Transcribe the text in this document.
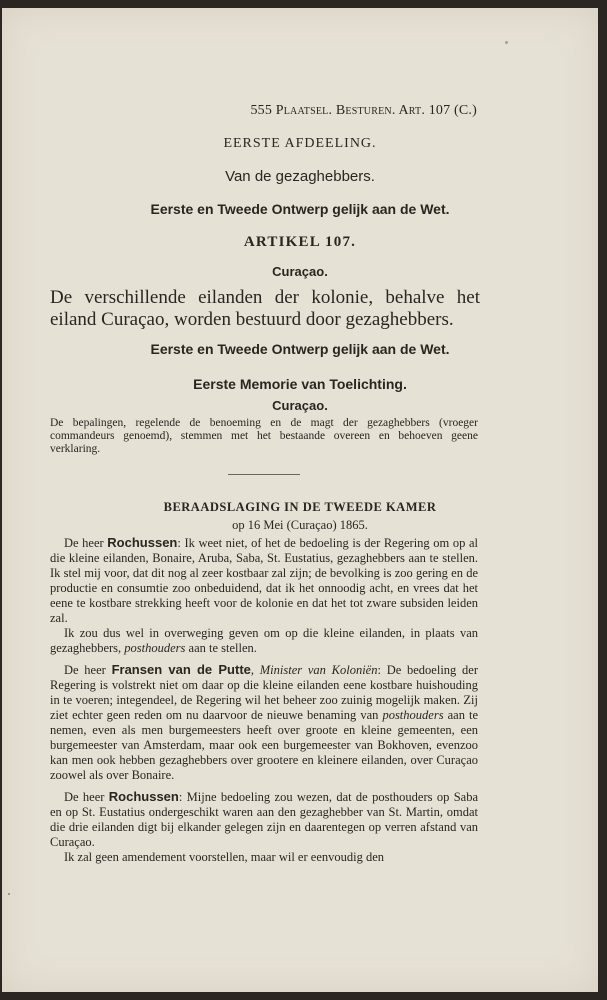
555 Plaatsel. Besturen. Art. 107 (C.)
EERSTE AFDEELING.
Van de gezaghebbers.
Eerste en Tweede Ontwerp gelijk aan de Wet.
ARTIKEL 107.
Curaçao.
De verschillende eilanden der kolonie, behalve het eiland Curaçao, worden bestuurd door gezaghebbers.
Eerste en Tweede Ontwerp gelijk aan de Wet.
Eerste Memorie van Toelichting.
Curaçao.
De bepalingen, regelende de benoeming en de magt der gezaghebbers (vroeger commandeurs genoemd), stemmen met het bestaande overeen en behoeven geene verklaring.
BERAADSLAGING IN DE TWEEDE KAMER
op 16 Mei (Curaçao) 1865.

De heer Rochussen: Ik weet niet, of het de bedoeling is der Regering om op al die kleine eilanden, Bonaire, Aruba, Saba, St. Eustatius, gezaghebbers aan te stellen. Ik stel mij voor, dat dit nog al zeer kostbaar zal zijn; de bevolking is zoo gering en de productie en consumtie zoo onbeduidend, dat ik het onnoodig acht, en vrees dat het eene te kostbare strekking heeft voor de kolonie en dat het tot zware subsiden leiden zal.

Ik zou dus wel in overweging geven om op die kleine eilanden, in plaats van gezaghebbers, posthouders aan te stellen.

De heer Fransen van de Putte, Minister van Koloniën: De bedoeling der Regering is volstrekt niet om daar op die kleine eilanden eene kostbare huishouding in te voeren; integendeel, de Regering wil het beheer zoo zuinig mogelijk maken. Zij ziet echter geen reden om nu daarvoor de nieuwe benaming van posthouders aan te nemen, even als men burgemeesters heeft over groote en kleine gemeenten, een burgemeester van Amsterdam, maar ook een burgemeester van Bokhoven, evenzoo kan men ook hebben gezaghebbers over grootere en kleinere eilanden, over Curaçao zoowel als over Bonaire.

De heer Rochussen: Mijne bedoeling zou wezen, dat de posthouders op Saba en op St. Eustatius ondergeschikt waren aan den gezaghebber van St. Martin, omdat die drie eilanden digt bij elkander gelegen zijn en daarentegen op verren afstand van Curaçao.

Ik zal geen amendement voorstellen, maar wil er eenvoudig den
